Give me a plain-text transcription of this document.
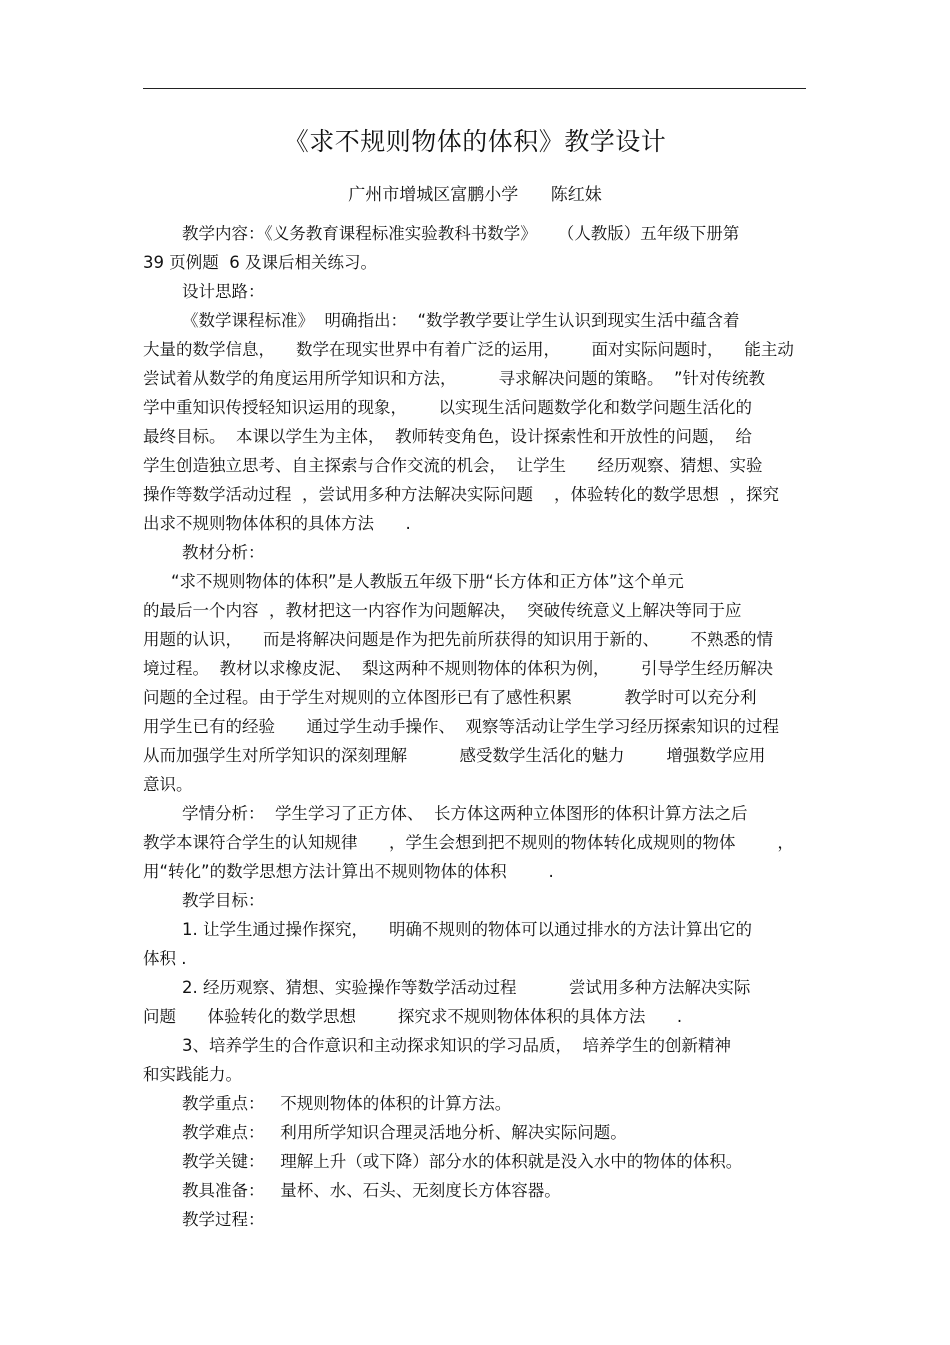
《求不规则物体的体积》教学设计
广州市增城区富鹏小学      陈红妹
教学内容：《义务教育课程标准实验教科书数学》    （人教版）五年级下册第
39 页例题  6 及课后相关练习。
设计思路：
《数学课程标准》  明确指出：  “数学教学要让学生认识到现实生活中蕴含着
大量的数学信息，    数学在现实世界中有着广泛的运用，      面对实际问题时，    能主动
尝试着从数学的角度运用所学知识和方法，        寻求解决问题的策略。  ”针对传统教
学中重知识传授轻知识运用的现象，      以实现生活问题数学化和数学问题生活化的
最终目标。  本课以学生为主体，  教师转变角色，设计探索性和开放性的问题，  给
学生创造独立思考、自主探索与合作交流的机会，  让学生      经历观察、猜想、实验
操作等数学活动过程  ，尝试用多种方法解决实际问题    ，体验转化的数学思想  ，探究
出求不规则物体体积的具体方法      .
教材分析：
“求不规则物体的体积”是人教版五年级下册“长方体和正方体”这个单元
的最后一个内容  ，教材把这一内容作为问题解决，  突破传统意义上解决等同于应
用题的认识，    而是将解决问题是作为把先前所获得的知识用于新的、      不熟悉的情
境过程。  教材以求橡皮泥、  梨这两种不规则物体的体积为例，      引导学生经历解决
问题的全过程。由于学生对规则的立体图形已有了感性积累          教学时可以充分利
用学生已有的经验      通过学生动手操作、  观察等活动让学生学习经历探索知识的过程
从而加强学生对所学知识的深刻理解          感受数学生活化的魅力        增强数学应用
意识。
学情分析：  学生学习了正方体、  长方体这两种立体图形的体积计算方法之后
教学本课符合学生的认知规律      ，学生会想到把不规则的物体转化成规则的物体        ，
用“转化”的数学思想方法计算出不规则物体的体积        .
教学目标：
1. 让学生通过操作探究，    明确不规则的物体可以通过排水的方法计算出它的
体积 .
2. 经历观察、猜想、实验操作等数学活动过程          尝试用多种方法解决实际
问题      体验转化的数学思想        探究求不规则物体体积的具体方法      .
3、培养学生的合作意识和主动探求知识的学习品质，  培养学生的创新精神
和实践能力。
教学重点：   不规则物体的体积的计算方法。
教学难点：   利用所学知识合理灵活地分析、解决实际问题。
教学关键：   理解上升（或下降）部分水的体积就是没入水中的物体的体积。
教具准备：   量杯、水、石头、无刻度长方体容器。
教学过程：
